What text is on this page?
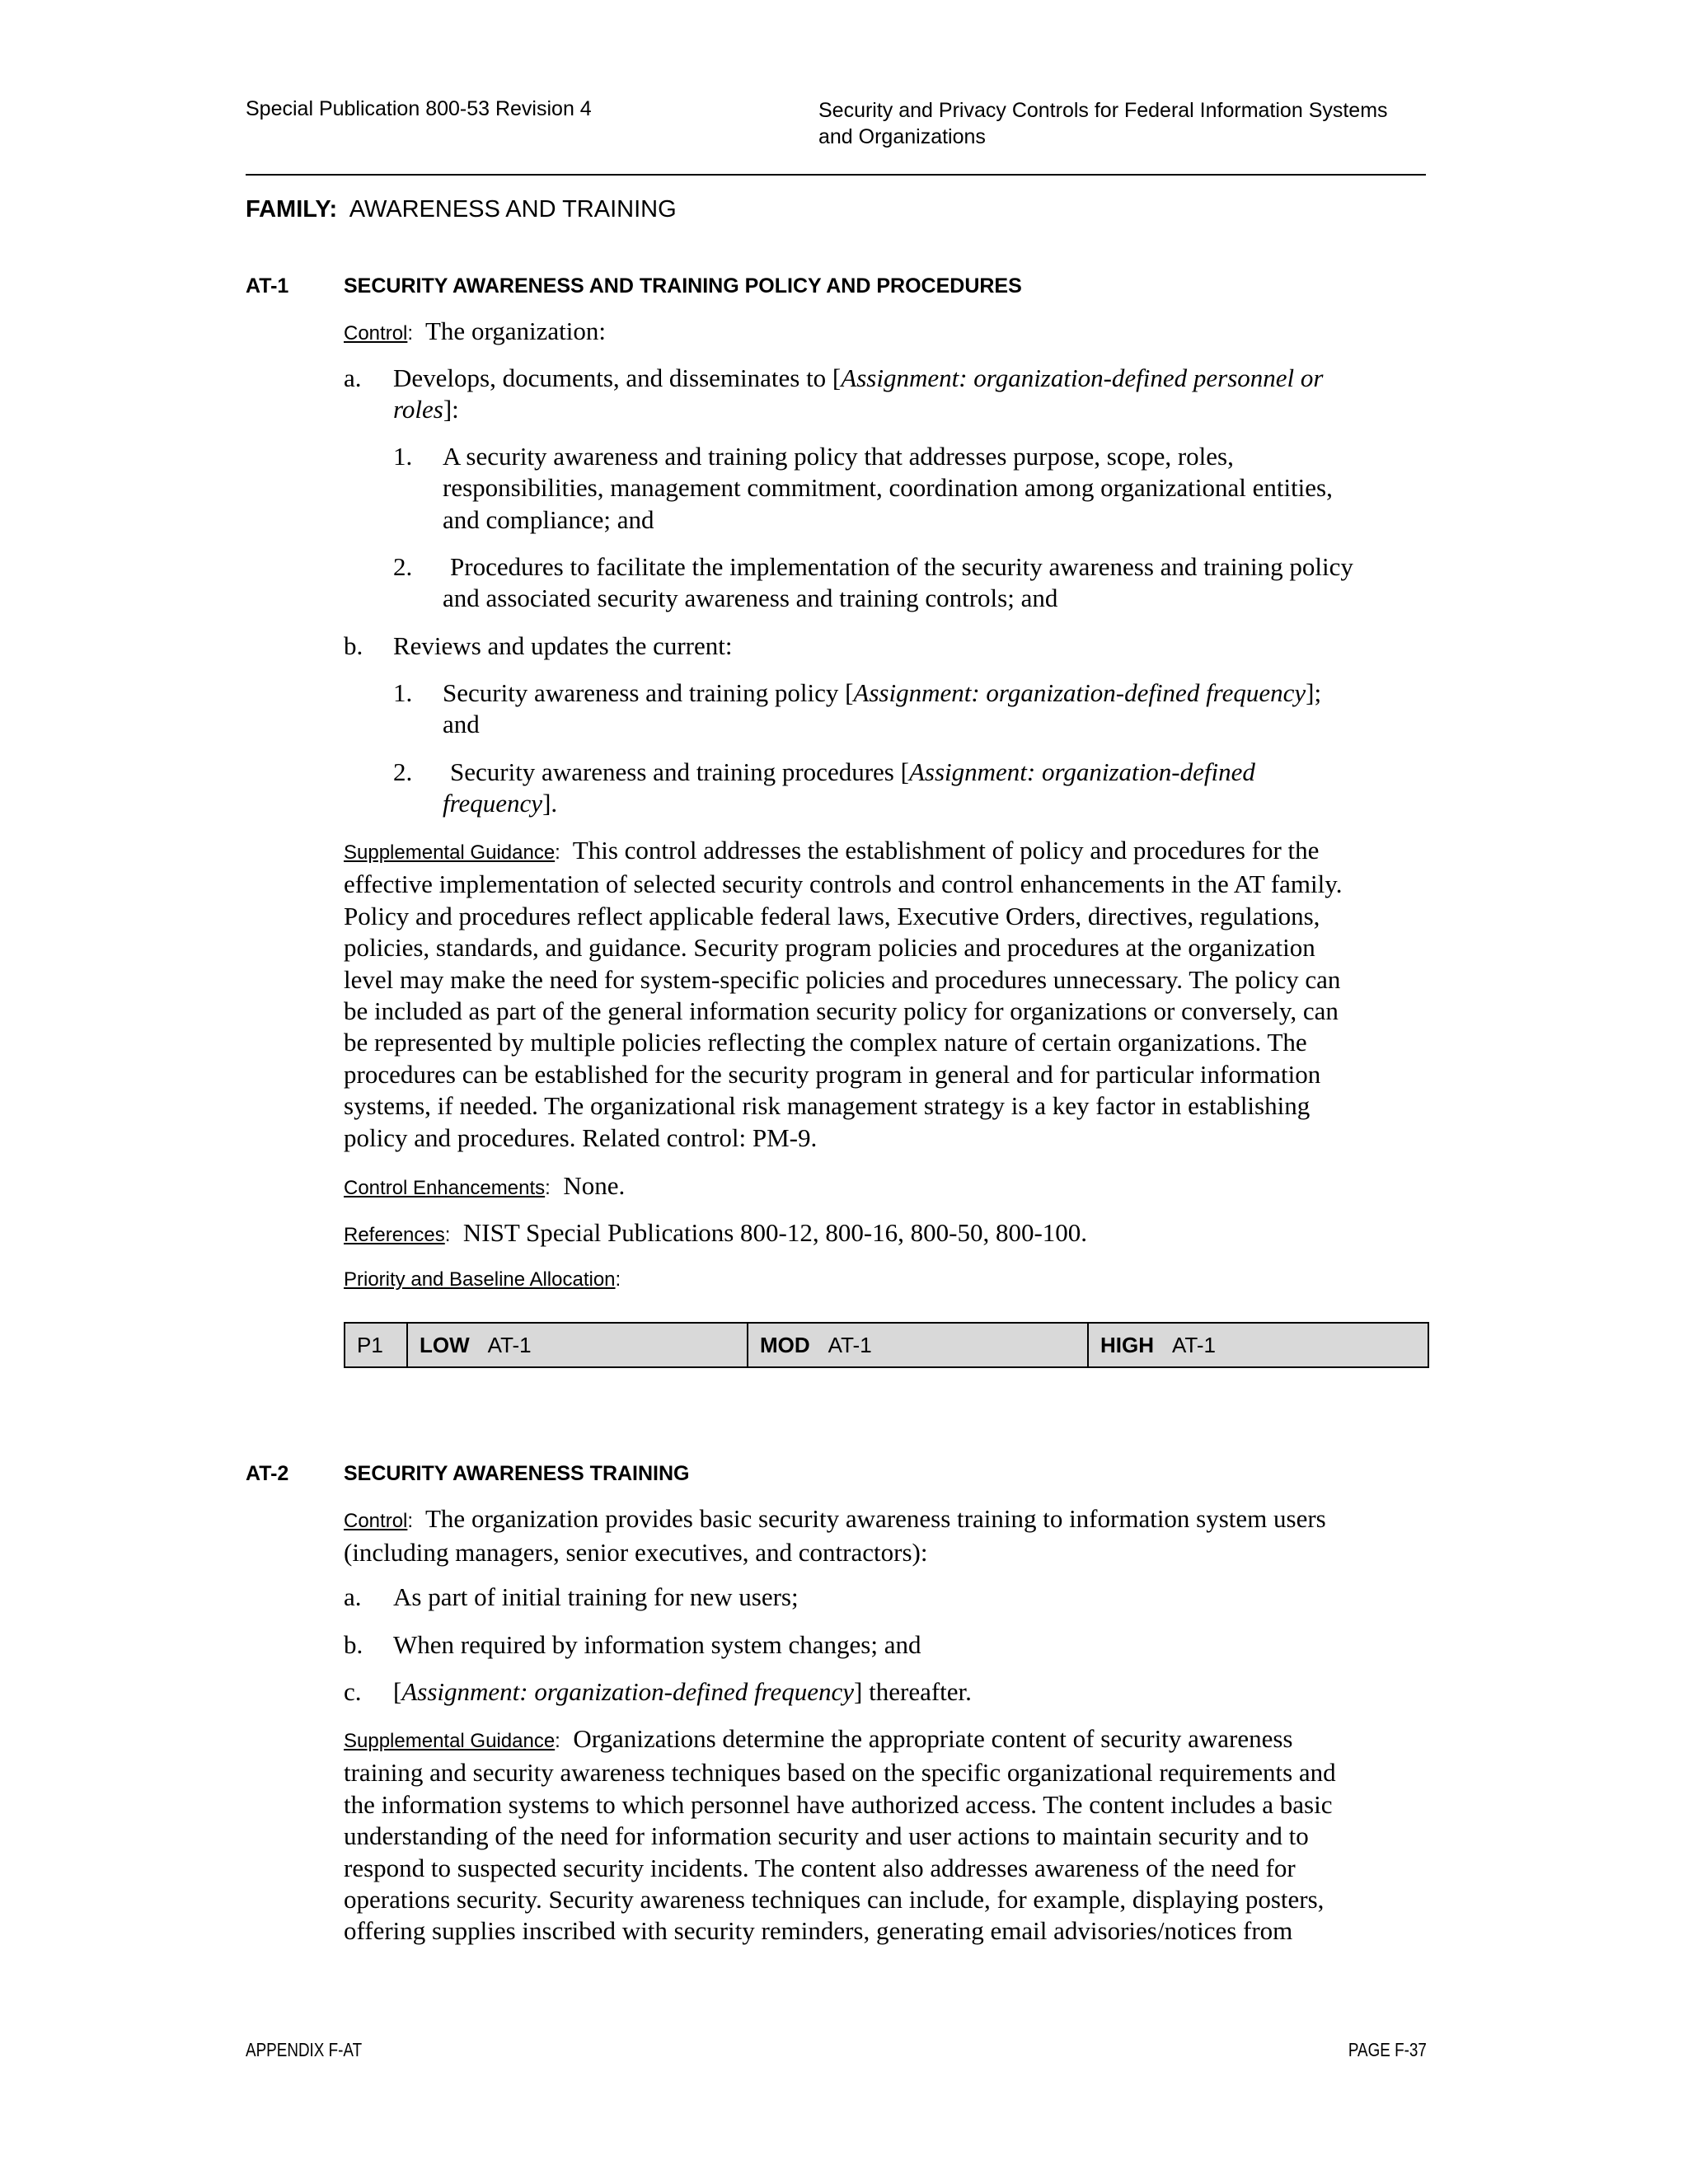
Special Publication 800-53 Revision 4	Security and Privacy Controls for Federal Information Systems
and Organizations
FAMILY: AWARENESS AND TRAINING
AT-1	SECURITY AWARENESS AND TRAINING POLICY AND PROCEDURES
Control: The organization:
a. Develops, documents, and disseminates to [Assignment: organization-defined personnel or
roles]:
1. A security awareness and training policy that addresses purpose, scope, roles,
responsibilities, management commitment, coordination among organizational entities,
and compliance; and
2. Procedures to facilitate the implementation of the security awareness and training policy
and associated security awareness and training controls; and
b. Reviews and updates the current:
1. Security awareness and training policy [Assignment: organization-defined frequency];
and
2. Security awareness and training procedures [Assignment: organization-defined
frequency].
Supplemental Guidance: This control addresses the establishment of policy and procedures for the
effective implementation of selected security controls and control enhancements in the AT family.
Policy and procedures reflect applicable federal laws, Executive Orders, directives, regulations,
policies, standards, and guidance. Security program policies and procedures at the organization
level may make the need for system-specific policies and procedures unnecessary. The policy can
be included as part of the general information security policy for organizations or conversely, can
be represented by multiple policies reflecting the complex nature of certain organizations. The
procedures can be established for the security program in general and for particular information
systems, if needed. The organizational risk management strategy is a key factor in establishing
policy and procedures. Related control: PM-9.
Control Enhancements: None.
References: NIST Special Publications 800-12, 800-16, 800-50, 800-100.
Priority and Baseline Allocation:
P1 LOW AT-1	MOD AT-1	HIGH AT-1
AT-2	SECURITY AWARENESS TRAINING
Control: The organization provides basic security awareness training to information system users
(including managers, senior executives, and contractors):
a. As part of initial training for new users;
b. When required by information system changes; and
c. [Assignment: organization-defined frequency] thereafter.
Supplemental Guidance: Organizations determine the appropriate content of security awareness
training and security awareness techniques based on the specific organizational requirements and
the information systems to which personnel have authorized access. The content includes a basic
understanding of the need for information security and user actions to maintain security and to
respond to suspected security incidents. The content also addresses awareness of the need for
operations security. Security awareness techniques can include, for example, displaying posters,
offering supplies inscribed with security reminders, generating email advisories/notices from
APPENDIX F-AT	PAGE F-37
